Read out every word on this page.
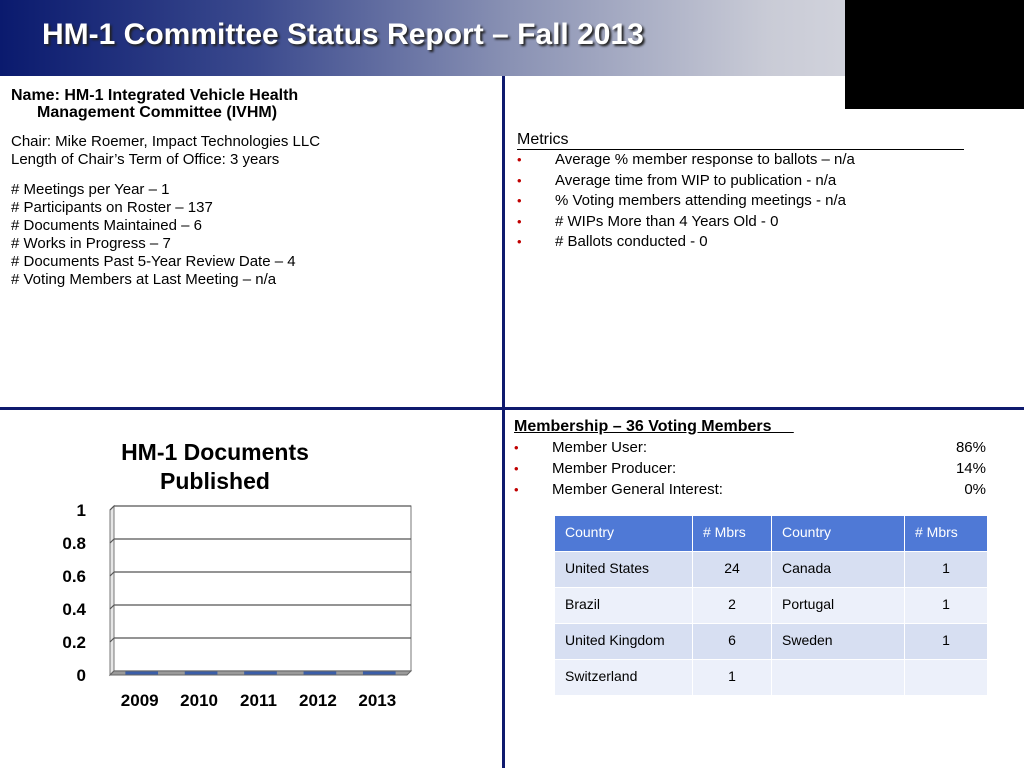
HM-1 Committee Status Report – Fall 2013
Name: HM-1 Integrated Vehicle Health
Management Committee (IVHM)
Chair: Mike Roemer, Impact Technologies LLC
Length of Chair’s Term of Office: 3 years
# Meetings per Year – 1
# Participants on Roster – 137
# Documents Maintained – 6
# Works in Progress – 7
# Documents Past 5-Year Review Date – 4
# Voting Members at Last Meeting – n/a
Metrics
• Average % member response to ballots – n/a
• Average time from WIP to publication - n/a
• % Voting members attending meetings - n/a
• # WIPs More than 4 Years Old - 0
• # Ballots conducted - 0
Membership – 36 Voting Members
• Member User:	86%
• Member Producer:	14%
• Member General Interest:	0%
Country	# Mbrs	Country	# Mbrs
United States	24	Canada	1
Brazil	2	Portugal	1
United Kingdom	6	Sweden	1
Switzerland	1		
HM-1 Documents Published
0
0.2
0.4
0.6
0.8
1
2009 2010 2011 2012 2013
